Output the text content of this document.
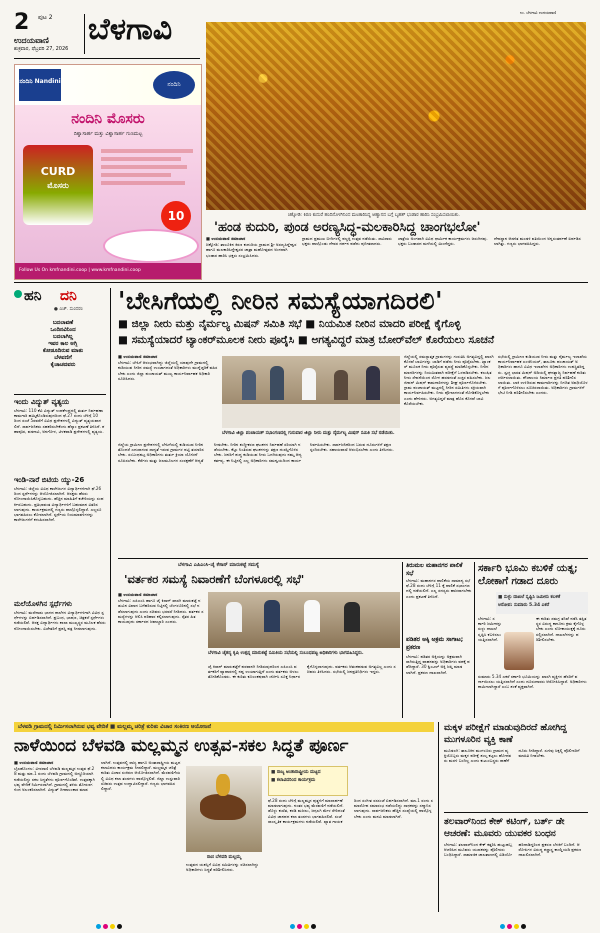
2 ಪುಟ 2
ಉದಯವಾಣಿ
ಶುಕ್ರವಾರ, ಫೆಬ್ರವರಿ 27, 2026
ಬೆಳಗಾವಿ	ಉ. ಬೆಳಗಾವಿ ಉದಯವಾಣಿ
ನಂದಿನಿ Nandini	ನಂದಿನಿ
ನಂದಿನಿ ಮೊಸರು
ದಿಶ್ವಾಸಾರ್ಹ ಮತ್ತು ವಿಶ್ವಾಸಾರ್ಹ ಗುಣಮಟ್ಟ
CURD
ಮೊಸರು
10
Follow Us On kmfnandini.coop | www.kmfnandini.coop
ಚಿಕ್ಕೋಡಿ: ಕಿರಣ ಕುದುರೆ ಹಂದಿನೊಳಗಿನಿಂದ ಮಲಕಾರಿಸಿದ್ದ ಆಹ್ವಾನದ ಬಗ್ಗೆ ಬೃಹತ್ ಭಂಡಾರ ಹಾರಿಸಿ ಸಂಭ್ರಮಿಸಲಾಯಿತು.
'ಹಂಡ ಕುದುರಿ, ಪುಂಡ ಅರಣ್ಯಸಿದ್ಧ-ಮಲಕಾರಿಸಿದ್ದ ಚಾಂಗಭಲೋ'

■ ಉದಯವಾಣಿ ಸಮಾಚಾರ

ಚಿಕ್ಕೋಡಿ: ತಾಲೂಕಿನ ಕಿರಣ ಕುದುರಿಯ ಗ್ರಾಮದ ಶ್ರೀ ಅರಣ್ಯಸಿದ್ದೇಶ್ವರ ಹಾಗೂ ಮಲಕಾರಿಸಿದ್ದೇಶ್ವರರ ಜಾತ್ರಾ ಮಹೋತ್ಸವದ ಅಂಗವಾಗಿ ಭಂಡಾರ ಹಾರಿಸಿ ಭಕ್ತರು ಸಂಭ್ರಮಿಸಿದರು.

ಗ್ರಾಮದ ಪ್ರಮುಖ ಬೀದಿಗಳಲ್ಲಿ ಪಲ್ಲಕ್ಕಿ ಉತ್ಸವ ನಡೆಯಿತು. ಸಾವಿರಾರು ಭಕ್ತರು ಪಾಲ್ಗೊಂಡು ದೇವರ ದರ್ಶನ ಪಡೆದು ಪುನೀತರಾದರು.

ಜಾತ್ರೆಯ ಅಂಗವಾಗಿ ವಿವಿಧ ಧಾರ್ಮಿಕ ಕಾರ್ಯಕ್ರಮಗಳು ಜರುಗಿದವು. ಭಕ್ತರು ಬಂಡಾರದ ಮಳೆಯಲ್ಲಿ ಮಿಂದೆದ್ದರು.

ದೇವಸ್ಥಾನ ಆಡಳಿತ ಮಂಡಳಿ ವತಿಯಿಂದ ಅನ್ನಸಂತರ್ಪಣೆ ಏರ್ಪಡಿಸಲಾಗಿತ್ತು. ಗಣ್ಯರು ಭಾಗವಹಿಸಿದ್ದರು.

ಹನಿ ದನಿ
● ಎಚ್. ಸುಂದರಂ
ಬದಲಾವಣೆ
ಒಂದಿನವಿನಿಂದ
ಬದಲಾಗಿಲ್ಲ
ಇವರ ಕಾಲ ಅಗ್ನಿ
ಕೋಡೂದಿರುವ ಮಾತು
ಬೆಳವಣಿಗೆ
ಕೈಚಾಚದವರು
ಇಂದು ವಿದ್ಯುತ್ ವ್ಯತ್ಯಯ

ಬೆಳಗಾವಿ: 110 ಕೆವಿ ವಿದ್ಯುತ್ ಉಪಕೇಂದ್ರದಲ್ಲಿ ತುರ್ತು ನಿರ್ವಹಣಾ ಕಾಮಗಾರಿ ಹಮ್ಮಿಕೊಂಡಿರುವುದರಿಂದ ಫೆ.27 ರಂದು ಬೆಳಿಗ್ಗೆ 10 ರಿಂದ ಸಂಜೆ 5ರವರೆಗೆ ವಿವಿಧ ಪ್ರದೇಶಗಳಲ್ಲಿ ವಿದ್ಯುತ್ ವ್ಯತ್ಯಯವಾಗಲಿದೆ. ಸಾರ್ವಜನಿಕರು ಸಹಕರಿಸಬೇಕೆಂದು ಹೆಸ್ಕಾಂ ಪ್ರಕಟಣೆ ತಿಳಿಸಿದೆ. ಶಹಾಪೂರ, ವಡಗಾವಿ, ಅನಗೋಳ, ಟಿಳಕವಾಡಿ ಪ್ರದೇಶಗಳಲ್ಲಿ ವ್ಯತ್ಯಯ.

ಇಂಡಿ-ನಾರೆ ಬಿಟಿಯ ಯ್ಯು-26

ಬೆಳಗಾವಿ: ಜಿಲ್ಲೆಯ ವಿವಿಧ ಕಾಲೇಜುಗಳ ವಿದ್ಯಾರ್ಥಿಗಳಿಗಾಗಿ ಫೆ.26 ರಿಂದ ಸ್ಪರ್ಧೆಗಳನ್ನು ಆಯೋಜಿಸಲಾಗಿದೆ. ಆಸಕ್ತರು ಹೆಸರು ನೋಂದಾಯಿಸಿಕೊಳ್ಳಬಹುದು. ಹೆಚ್ಚಿನ ಮಾಹಿತಿಗೆ ಕಚೇರಿಯನ್ನು ಸಂಪರ್ಕಿಸಬಹುದು. ಪ್ರತಿಭಾವಂತ ವಿದ್ಯಾರ್ಥಿಗಳಿಗೆ ಬಹುಮಾನ ವಿತರಿಸಲಾಗುವುದು. ಕಾರ್ಯಕ್ರಮದಲ್ಲಿ ಗಣ್ಯರು ಪಾಲ್ಗೊಳ್ಳಲಿದ್ದಾರೆ. ಎಲ್ಲರೂ ಭಾಗವಹಿಸಲು ಕೋರಲಾಗಿದೆ. ಸ್ಪರ್ಧೆಯ ನಿಯಮಾವಳಿಗಳನ್ನು ಕಾಲೇಜುಗಳಿಗೆ ಕಳುಹಿಸಲಾಗಿದೆ.

ಮಲೆಯೊಳಗಿನ ಸ್ಪರ್ಧೆಗಳು

ಬೆಳಗಾವಿ: ಮಲೆನಾಡು ಭಾಗದ ಶಾಲೆಗಳ ವಿದ್ಯಾರ್ಥಿಗಳಿಗಾಗಿ ವಿವಿಧ ಸ್ಪರ್ಧೆಗಳನ್ನು ಏರ್ಪಡಿಸಲಾಗಿದೆ. ಪ್ರಬಂಧ, ಭಾಷಣ, ಚಿತ್ರಕಲೆ ಸ್ಪರ್ಧೆಗಳು ನಡೆಯಲಿವೆ. ಆಸಕ್ತ ವಿದ್ಯಾರ್ಥಿಗಳು ಶಾಲಾ ಮುಖ್ಯಸ್ಥರ ಮೂಲಕ ಹೆಸರು ನೋಂದಾಯಿಸಬೇಕು. ವಿಜೇತರಿಗೆ ಪ್ರಶಸ್ತಿ ಪತ್ರ ನೀಡಲಾಗುವುದು.

'ಬೇಸಿಗೆಯಲ್ಲಿ ನೀರಿನ ಸಮಸ್ಯೆಯಾಗದಿರಲಿ'
■ ಜಿಲ್ಲಾ ನೀರು ಮತ್ತು ನೈರ್ಮಲ್ಯ ಮಿಷನ್ ಸಮಿತಿ ಸಭೆ ■ ನಿಯಮಿತ ನೀರಿನ ಮಾದರಿ ಪರೀಕ್ಷೆ ಕೈಗೊಳ್ಳಿ
■ ಸಮಸ್ಯೆಯಾದರೆ ಟ್ಯಾಂಕರ್‌ಮೂಲಕ ನೀರು ಪೂರೈಸಿ ■ ಅಗತ್ಯವಿದ್ದರೆ ಮಾತ್ರ ಬೋರ್‌ವೆಲ್ ಕೊರೆಯಲು ಸೂಚನೆ

■ ಉದಯವಾಣಿ ಸಮಾಚಾರ

ಬೆಳಗಾವಿ: ಬೇಸಿಗೆ ಆರಂಭವಾಗಿದ್ದು ಜಿಲ್ಲೆಯಲ್ಲಿ ಯಾವುದೇ ಗ್ರಾಮದಲ್ಲಿ ಕುಡಿಯುವ ನೀರಿನ ಸಮಸ್ಯೆ ಉಂಟಾಗದಂತೆ ಅಧಿಕಾರಿಗಳು ಮುನ್ನೆಚ್ಚರಿಕೆ ವಹಿಸಬೇಕು ಎಂದು ಜಿಲ್ಲಾ ಪಂಚಾಯತ್ ಮುಖ್ಯ ಕಾರ್ಯನಿರ್ವಾಹಕ ಅಧಿಕಾರಿ ಸೂಚಿಸಿದರು.

ಬೆಳಗಾವಿ ಜಿಲ್ಲಾ ಪಂಚಾಯತ್ ಸಭಾಂಗಣದಲ್ಲಿ ಗುರುವಾರ ಜಿಲ್ಲಾ ನೀರು ಮತ್ತು ನೈರ್ಮಲ್ಯ ಮಿಷನ್ ಸಮಿತಿ ಸಭೆ ನಡೆಯಿತು.

ಜಿಲ್ಲೆಯಲ್ಲಿ ಸಮಸ್ಯಾತ್ಮಕ ಗ್ರಾಮಗಳನ್ನು ಗುರುತಿಸಿ ಅಗತ್ಯವಿದ್ದಲ್ಲಿ ಖಾಸಗಿ ಕೊಳವೆ ಬಾವಿಗಳನ್ನು ಬಾಡಿಗೆ ಪಡೆದು ನೀರು ಪೂರೈಸಬೇಕು. ಟ್ಯಾಂಕರ್ ಮೂಲಕ ನೀರು ಪೂರೈಸುವ ವ್ಯವಸ್ಥೆ ಮಾಡಿಕೊಳ್ಳಬೇಕು. ನೀರಿನ ಮಾದರಿಗಳನ್ನು ನಿಯಮಿತವಾಗಿ ಪರೀಕ್ಷೆಗೆ ಒಳಪಡಿಸಬೇಕು. ಕಲುಷಿತ ನೀರು ಸೇವನೆಯಿಂದ ರೋಗ ಹರಡದಂತೆ ಎಚ್ಚರ ವಹಿಸಬೇಕು. ಜಲಜೀವನ್ ಮಿಷನ್ ಕಾಮಗಾರಿಗಳನ್ನು ಶೀಘ್ರ ಪೂರ್ಣಗೊಳಿಸಬೇಕು. ಗ್ರಾಮ ಪಂಚಾಯತ್ ಮಟ್ಟದಲ್ಲಿ ನೀರಿನ ಸಮಿತಿಗಳು ಸಕ್ರಿಯವಾಗಿ ಕಾರ್ಯನಿರ್ವಹಿಸಬೇಕು. ನೀರು ಪೋಲಾಗದಂತೆ ನೋಡಿಕೊಳ್ಳಬೇಕು ಎಂದು ಹೇಳಿದರು. ಅಗತ್ಯವಿದ್ದರೆ ಮಾತ್ರ ಹೊಸ ಕೊಳವೆ ಬಾವಿ ಕೊರೆಯಬೇಕು.

ಸಭೆಯಲ್ಲಿ ಗ್ರಾಮೀಣ ಕುಡಿಯುವ ನೀರು ಮತ್ತು ನೈರ್ಮಲ್ಯ ಇಲಾಖೆಯ ಕಾರ್ಯನಿರ್ವಾಹಕ ಎಂಜಿನಿಯರ್, ತಾಲೂಕು ಪಂಚಾಯತ್ ಅಧಿಕಾರಿಗಳು ಹಾಗೂ ವಿವಿಧ ಇಲಾಖೆಗಳ ಅಧಿಕಾರಿಗಳು ಉಪಸ್ಥಿತರಿದ್ದರು. ಸ್ವಚ್ಛ ಭಾರತ ಮಿಷನ್ ಅಡಿಯಲ್ಲಿ ಘನತ್ಯಾಜ್ಯ ನಿರ್ವಹಣೆ ಕುರಿತು ಚರ್ಚಿಸಲಾಯಿತು. ಶೌಚಾಲಯ ನಿರ್ಮಾಣ ಪ್ರಗತಿ ಪರಿಶೀಲಿಸಲಾಯಿತು. ಬಾಕಿ ಉಳಿದಿರುವ ಕಾಮಗಾರಿಗಳನ್ನು ನಿಗದಿತ ಅವಧಿಯೊಳಗೆ ಪೂರ್ಣಗೊಳಿಸಲು ಸೂಚಿಸಲಾಯಿತು. ಅಧಿಕಾರಿಗಳು ಗ್ರಾಮಗಳಿಗೆ ಭೇಟಿ ನೀಡಿ ಪರಿಶೀಲಿಸಬೇಕು ಎಂದರು.

ಜಿಲ್ಲೆಯ ಗ್ರಾಮೀಣ ಪ್ರದೇಶಗಳಲ್ಲಿ ಬೇಸಿಗೆಯಲ್ಲಿ ಕುಡಿಯುವ ನೀರಿನ ತೊಂದರೆ ಎದುರಾಗುವ ಸಾಧ್ಯತೆ ಇರುವ ಗ್ರಾಮಗಳ ಪಟ್ಟಿ ತಯಾರಿಸಬೇಕು. ಸಂಬಂಧಪಟ್ಟ ಅಧಿಕಾರಿಗಳು ತುರ್ತು ಕ್ರಿಯಾ ಯೋಜನೆ ರೂಪಿಸಬೇಕು. ಕೆರೆಗಳು ಮತ್ತು ಜಲಮೂಲಗಳ ಸಂರಕ್ಷಣೆಗೆ ಆದ್ಯತೆ ನೀಡಬೇಕು. ನೀರಿನ ಶುದ್ಧೀಕರಣ ಘಟಕಗಳ ನಿರ್ವಹಣೆ ಸರಿಯಾಗಿ ನಡೆಯಬೇಕು. ಕೆಟ್ಟು ನಿಂತಿರುವ ಘಟಕಗಳನ್ನು ತಕ್ಷಣ ದುರಸ್ತಿಗೊಳಿಸಬೇಕು. ಜನರಿಗೆ ಶುದ್ಧ ಕುಡಿಯುವ ನೀರು ಒದಗಿಸುವುದು ನಮ್ಮ ಆದ್ಯ ಕರ್ತವ್ಯ. ಈ ನಿಟ್ಟಿನಲ್ಲಿ ಎಲ್ಲ ಅಧಿಕಾರಿಗಳು ಸಮನ್ವಯದಿಂದ ಕಾರ್ಯನಿರ್ವಹಿಸಬೇಕು. ಸಾರ್ವಜನಿಕರಿಂದ ಬರುವ ದೂರುಗಳಿಗೆ ತಕ್ಷಣ ಸ್ಪಂದಿಸಬೇಕು. ಸಹಾಯವಾಣಿ ಆರಂಭಿಸಬೇಕು ಎಂದು ತಿಳಿಸಿದರು.

ಬೆಳಗಾವಿ ಎಪಿಎಂಸಿ-ಚೈ ಕೆಸಾನ್ ಮಾರುಕಟ್ಟೆ ಸಮಸ್ಯೆ
'ವರ್ತಕರ ಸಮಸ್ಯೆ ನಿವಾರಣೆಗೆ ಬೆಂಗಳೂರಲ್ಲಿ ಸಭೆ'

■ ಉದಯವಾಣಿ ಸಮಾಚಾರ

ಬೆಳಗಾವಿ: ಎಪಿಎಂಸಿ ಹಾಗೂ ಜೈ ಕಿಸಾನ್ ಖಾಸಗಿ ಮಾರುಕಟ್ಟೆ ನಡುವಿನ ವಿವಾದ ಬಗೆಹರಿಸುವ ನಿಟ್ಟಿನಲ್ಲಿ ಬೆಂಗಳೂರಿನಲ್ಲಿ ಸಭೆ ನಡೆಸಲಾಗುವುದು ಎಂದು ಸಚಿವರು ಭರವಸೆ ನೀಡಿದರು. ವರ್ತಕರ ಸಮಸ್ಯೆಗಳನ್ನು ಆಲಿಸಿ ಪರಿಹಾರ ಕಲ್ಪಿಸಲಾಗುವುದು. ರೈತರ ಹಿತ ಕಾಯುವುದು ಸರ್ಕಾರದ ಜವಾಬ್ದಾರಿ ಎಂದರು.

ಬೆಳಗಾವಿ ಚೈತನ್ಯ ಕೃಷಿ ಉತ್ಪನ್ನ ಮಾರುಕಟ್ಟೆ ಸಮಿತಿಯ ಸಭೆಯಲ್ಲಿ ಸಂಬಂಧಪಟ್ಟ ಅಧಿಕಾರಿಗಳು ಭಾಗವಹಿಸಿದ್ದರು.

ಜೈ ಕಿಸಾನ್ ಮಾರುಕಟ್ಟೆಗೆ ಪರವಾನಗಿ ನೀಡಿರುವುದರಿಂದ ಎಪಿಎಂಸಿ ವರ್ತಕರಿಗೆ ವ್ಯಾಪಾರದಲ್ಲಿ ನಷ್ಟ ಉಂಟಾಗುತ್ತಿದೆ ಎಂದು ವರ್ತಕರು ಅಳಲು ತೋಡಿಕೊಂಡರು. ಈ ಕುರಿತು ಕೂಲಂಕಷವಾಗಿ ಚರ್ಚಿಸಿ ಸೂಕ್ತ ನಿರ್ಧಾರ ಕೈಗೊಳ್ಳಲಾಗುವುದು. ವರ್ತಕರು ಆತಂಕಪಡುವ ಅಗತ್ಯವಿಲ್ಲ ಎಂದು ಸಚಿವರು ತಿಳಿಸಿದರು. ಸಭೆಯಲ್ಲಿ ಜನಪ್ರತಿನಿಧಿಗಳು ಇದ್ದರು.

ತಿರುಮಲ ಮಹಾನಗರ ಪಾಲಿಕೆ ಸಭೆ

ಬೆಳಗಾವಿ: ಮಹಾನಗರ ಪಾಲಿಕೆಯ ಸಾಮಾನ್ಯ ಸಭೆ ಫೆ.28 ರಂದು ಬೆಳಿಗ್ಗೆ 11 ಕ್ಕೆ ಪಾಲಿಕೆ ಸಭಾಂಗಣದಲ್ಲಿ ನಡೆಯಲಿದೆ. ಎಲ್ಲ ಸದಸ್ಯರು ಹಾಜರಾಗಬೇಕು ಎಂದು ಪ್ರಕಟಣೆ ತಿಳಿಸಿದೆ.

ಪಡಿತರ ಅಕ್ಕಿ ಅಕ್ರಮ ಸಾಗಾಟ; ಪ್ರಕರಣ

ಬೆಳಗಾವಿ: ಪಡಿತರ ಅಕ್ಕಿಯನ್ನು ಅಕ್ರಮವಾಗಿ ಸಾಗಿಸುತ್ತಿದ್ದ ವಾಹನವನ್ನು ಅಧಿಕಾರಿಗಳು ವಶಕ್ಕೆ ಪಡೆದಿದ್ದಾರೆ. 30 ಕ್ವಿಂಟಲ್ ಅಕ್ಕಿ ಜಪ್ತಿ ಮಾಡಲಾಗಿದೆ. ಪ್ರಕರಣ ದಾಖಲಾಗಿದೆ.

ಸರ್ಕಾರಿ ಭೂಮಿ ಕಬಳಿಕೆ ಯತ್ನ; ಲೋಕಾಗೆ ಗಡಾದ ದೂರು
■ ಸುಳ್ಳು ದಾಖಲೆ ಸೃಷ್ಟಿಸಿ ಜಮೀನು ಕಬಳಿಕೆ
ಆರೋಪ: ಸುಮಾರು 5.34 ಎಕರೆ

ಬೆಳಗಾವಿ: ಸರ್ಕಾರಿ ಜಮೀನನ್ನು ಸುಳ್ಳು ದಾಖಲೆ ಸೃಷ್ಟಿಸಿ ಕಬಳಿಸಲು ಯತ್ನಿಸಲಾಗಿದೆ.

ಈ ಕುರಿತು ಸಮಗ್ರ ತನಿಖೆ ನಡೆಸಿ ತಪ್ಪಿತಸ್ಥರ ವಿರುದ್ಧ ಕಾನೂನು ಕ್ರಮ ಕೈಗೊಳ್ಳಬೇಕು ಎಂದು ಲೋಕಾಯುಕ್ತಕ್ಕೆ ದೂರು ಸಲ್ಲಿಸಲಾಗಿದೆ. ದಾಖಲೆಗಳನ್ನು ಪರಿಶೀಲಿಸಬೇಕು.

ಸುಮಾರು 5.34 ಎಕರೆ ಸರ್ಕಾರಿ ಭೂಮಿಯನ್ನು ಖಾಸಗಿ ವ್ಯಕ್ತಿಗಳ ಹೆಸರಿಗೆ ವರ್ಗಾಯಿಸಲು ಯತ್ನಿಸಲಾಗಿದೆ ಎಂದು ದೂರುದಾರರು ಆರೋಪಿಸಿದ್ದಾರೆ. ಅಧಿಕಾರಿಗಳು ಶಾಮೀಲಾಗಿದ್ದಾರೆ ಎಂಬ ಶಂಕೆ ವ್ಯಕ್ತವಾಗಿದೆ.

ಬೆಳವಡಿ ಗ್ರಾಮದಲ್ಲಿ ನಿರ್ಮಿಸಲಾಗಿರುವ ಭವ್ಯ ವೇದಿಕೆ ■ ಮಲ್ಲಮ್ಮ ಚರಿತ್ರೆ ಕುರಿತು ವಿಚಾರ ಸಂಕಿರಣ ಆಯೋಜನೆ
ನಾಳೆಯಿಂದ ಬೆಳವಡಿ ಮಲ್ಲಮ್ಮನ ಉತ್ಸವ-ಸಕಲ ಸಿದ್ಧತೆ ಪೂರ್ಣ

■ ಉದಯವಾಣಿ ಸಮಾಚಾರ

ಬೈಲಹೊಂಗಲ: ವೀರರಾಣಿ ಬೆಳವಡಿ ಮಲ್ಲಮ್ಮನ ಉತ್ಸವ ಫೆ.28 ಮತ್ತು ಮಾ.1 ರಂದು ಬೆಳವಡಿ ಗ್ರಾಮದಲ್ಲಿ ಅದ್ಧೂರಿಯಾಗಿ ನಡೆಯಲಿದ್ದು ಸಕಲ ಸಿದ್ಧತೆಗಳು ಪೂರ್ಣಗೊಂಡಿವೆ. ಉತ್ಸವಕ್ಕಾಗಿ ಭವ್ಯ ವೇದಿಕೆ ನಿರ್ಮಿಸಲಾಗಿದೆ. ಗ್ರಾಮದಲ್ಲಿ ತಳಿರು ತೋರಣಗಳಿಂದ ಅಲಂಕರಿಸಲಾಗಿದೆ. ವಿದ್ಯುತ್ ದೀಪಾಲಂಕಾರ ಮಾಡಲಾಗಿದೆ. ಉತ್ಸವದಲ್ಲಿ ರಾಜ್ಯ ಹಾಗೂ ಅಂತಾರಾಷ್ಟ್ರೀಯ ಮಟ್ಟದ ಕಲಾವಿದರು ಕಾರ್ಯಕ್ರಮ ನೀಡಲಿದ್ದಾರೆ. ಮಲ್ಲಮ್ಮನ ಚರಿತ್ರೆ ಕುರಿತು ವಿಚಾರ ಸಂಕಿರಣ ಆಯೋಜಿಸಲಾಗಿದೆ. ಮೆರವಣಿಗೆಯಲ್ಲಿ ವಿವಿಧ ಕಲಾ ತಂಡಗಳು ಪಾಲ್ಗೊಳ್ಳಲಿವೆ. ಜಿಲ್ಲಾ ಉಸ್ತುವಾರಿ ಸಚಿವರು ಉತ್ಸವ ಉದ್ಘಾಟಿಸಲಿದ್ದಾರೆ. ಗಣ್ಯರು ಭಾಗವಹಿಸಲಿದ್ದಾರೆ.

ರಾಣಿ ಬೆಳವಡಿ ಮಲ್ಲಮ್ಮ

ಉತ್ಸವದ ಯಶಸ್ಸಿಗೆ ವಿವಿಧ ಸಮಿತಿಗಳನ್ನು ರಚಿಸಲಾಗಿದ್ದು ಅಧಿಕಾರಿಗಳು ಸಿದ್ಧತೆ ಪರಿಶೀಲಿಸಿದರು.

■ ರಾಜ್ಯ ಅಂತಾರಾಷ್ಟ್ರೀಯ ಮಟ್ಟದ
■ ಕಲಾವಿದರಿಂದ ಕಾರ್ಯಕ್ರಮ

ಫೆ.28 ರಂದು ಬೆಳಿಗ್ಗೆ ಮಲ್ಲಮ್ಮನ ಪುತ್ಥಳಿಗೆ ಮಾಲಾರ್ಪಣೆ ಮಾಡಲಾಗುವುದು. ನಂತರ ಭವ್ಯ ಮೆರವಣಿಗೆ ನಡೆಯಲಿದೆ. ಡೊಳ್ಳು ಕುಣಿತ, ಕರಡಿ ಮಜಲು, ಜಗ್ಗಲಗಿ ಮೇಳ ಸೇರಿದಂತೆ ವಿವಿಧ ಜಾನಪದ ಕಲಾ ತಂಡಗಳು ಭಾಗವಹಿಸಲಿವೆ. ಸಂಜೆ ಸಾಂಸ್ಕೃತಿಕ ಕಾರ್ಯಕ್ರಮಗಳು ನಡೆಯಲಿವೆ. ಖ್ಯಾತ ಗಾಯಕರಿಂದ ಸಂಗೀತ ರಸಸಂಜೆ ಏರ್ಪಡಿಸಲಾಗಿದೆ. ಮಾ.1 ರಂದು ಸಮಾರೋಪ ಸಮಾರಂಭ ನಡೆಯಲಿದ್ದು ಸಾಧಕರನ್ನು ಸನ್ಮಾನಿಸಲಾಗುವುದು. ಸಾರ್ವಜನಿಕರು ಹೆಚ್ಚಿನ ಸಂಖ್ಯೆಯಲ್ಲಿ ಪಾಲ್ಗೊಳ್ಳಬೇಕು ಎಂದು ಮನವಿ ಮಾಡಲಾಗಿದೆ.

ಮಕ್ಕಳ ಪರೀಕ್ಷೆಗೆ ಮಾಡುವುದಿರದೆ ಹೋಗಿದ್ದ ಮುಗಳೂರಿನ ವ್ಯಕ್ತಿ ಕಾಣೆ

ಮೂಡಲಗಿ: ತಾಲೂಕಿನ ಮುಗಳೂರು ಗ್ರಾಮದ ವ್ಯಕ್ತಿಯೊಬ್ಬರು ಮಕ್ಕಳ ಪರೀಕ್ಷೆ ಶುಲ್ಕ ಕಟ್ಟಲು ಹೋದವರು ಮರಳಿ ಬಂದಿಲ್ಲ ಎಂದು ಕುಟುಂಬಸ್ಥರು ಠಾಣೆಗೆ ದೂರು ನೀಡಿದ್ದಾರೆ. ಸುಳಿವು ಸಿಕ್ಕಲ್ಲಿ ಪೊಲೀಸರಿಗೆ ಮಾಹಿತಿ ನೀಡಬೇಕು.

ತಲವಾರ್‌ನಿಂದ ಕೇಕ್ ಕಟಿಂಗ್, ಬರ್ತ್ ಡೇ ಆಚರಣೆ: ಮೂವರು ಯುವಕರ ಬಂಧನ

ಬೆಳಗಾವಿ: ತಲವಾರ್‌ನಿಂದ ಕೇಕ್ ಕತ್ತರಿಸಿ ಹುಟ್ಟುಹಬ್ಬ ಆಚರಿಸಿದ ಮೂವರು ಯುವಕರನ್ನು ಪೊಲೀಸರು ಬಂಧಿಸಿದ್ದಾರೆ. ಸಾಮಾಜಿಕ ಜಾಲತಾಣದಲ್ಲಿ ವಿಡಿಯೋ ಹರಿದಾಡಿದ್ದರಿಂದ ಪ್ರಕರಣ ಬೆಳಕಿಗೆ ಬಂದಿದೆ. ಆರೋಪಿಗಳ ವಿರುದ್ಧ ಶಸ್ತ್ರಾಸ್ತ್ರ ಕಾಯ್ದೆಯಡಿ ಪ್ರಕರಣ ದಾಖಲಿಸಲಾಗಿದೆ.
